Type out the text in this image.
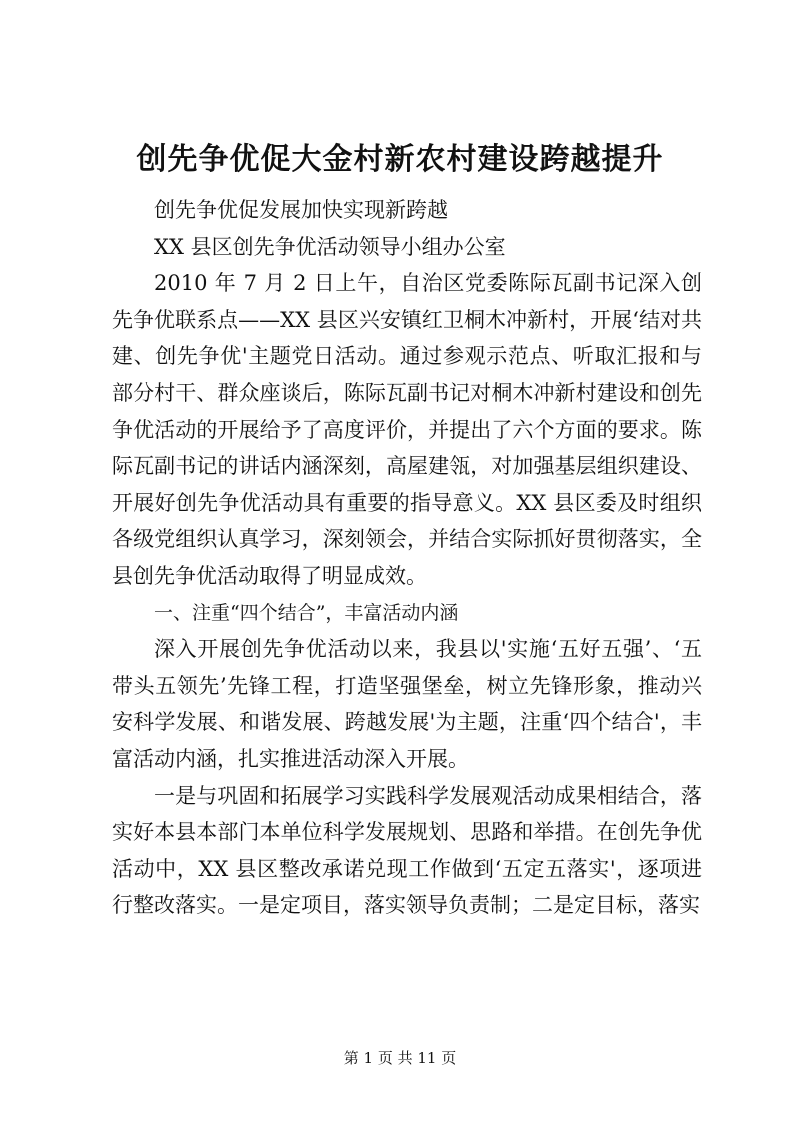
创先争优促大金村新农村建设跨越提升

创先争优促发展加快实现新跨越

XX 县区创先争优活动领导小组办公室

2010 年 7 月 2 日上午，自治区党委陈际瓦副书记深入创先争优联系点——XX 县区兴安镇红卫桐木冲新村，开展‘结对共建、创先争优'主题党日活动。通过参观示范点、听取汇报和与部分村干、群众座谈后，陈际瓦副书记对桐木冲新村建设和创先争优活动的开展给予了高度评价，并提出了六个方面的要求。陈际瓦副书记的讲话内涵深刻，高屋建瓴，对加强基层组织建设、开展好创先争优活动具有重要的指导意义。XX 县区委及时组织各级党组织认真学习，深刻领会，并结合实际抓好贯彻落实，全县创先争优活动取得了明显成效。

一、注重“四个结合”，丰富活动内涵

深入开展创先争优活动以来，我县以'实施‘五好五强’、‘五带头五领先’先锋工程，打造坚强堡垒，树立先锋形象，推动兴安科学发展、和谐发展、跨越发展'为主题，注重‘四个结合'，丰富活动内涵，扎实推进活动深入开展。

一是与巩固和拓展学习实践科学发展观活动成果相结合，落实好本县本部门本单位科学发展规划、思路和举措。在创先争优活动中，XX 县区整改承诺兑现工作做到‘五定五落实'，逐项进行整改落实。一是定项目，落实领导负责制；二是定目标，落实

第 1 页 共 11 页
